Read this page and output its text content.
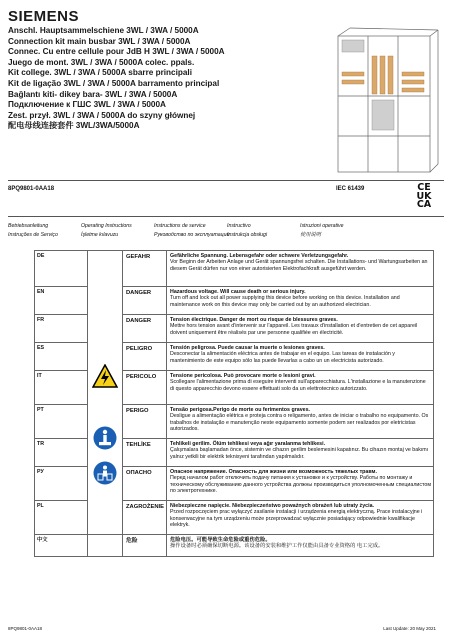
SIEMENS
Anschl. Hauptsammelschiene 3WL / 3WA / 5000A
Connection kit main busbar 3WL / 3WA / 5000A
Connec. Cu entre cellule pour JdB H 3WL / 3WA / 5000A
Juego de mont. 3WL / 3WA / 5000A colec. ppals.
Kit collegе. 3WL / 3WA / 5000A sbarre principali
Kit de ligação 3WL / 3WA / 5000A barramento principal
Bağlantı kiti- dikey bara- 3WL / 3WA / 5000A
Подключение к ГШС 3WL / 3WA / 5000A
Zest. przył. 3WL / 3WA / 5000A do szyny głównej
配电母线连接套件 3WL/3WA/5000A
8PQ9801-0AA18	IEC 61439	CE
UK
CA
Betriebsanleitung	Operating Instructions	Instructions de service	Instructivo	Istruzioni operative
Instruções de Serviço	İşletme kılavuzu	Руководство по эксплуатации
Instrukcja obsługi	使用说明
DE		GEFAHR	Gefährliche Spannung. Lebensgefahr oder schwere Verletzungsgefahr.
Vor Beginn der Arbeiten Anlage und Gerät spannungsfrei schalten. Die Installations- und Wartungsarbeiten an diesem Gerät dürfen nur von einer autorisierten Elektrofachkraft ausgeführt werden.
EN		DANGER	Hazardous voltage. Will cause death or serious injury.
Turn off and lock out all power supplying this device before working on this device. Installation and maintenance work on this device may only be carried out by an authorized electrician.
FR		DANGER	Tension électrique. Danger de mort ou risque de blessures graves.
Mettre hors tension avant d'intervenir sur l'appareil. Les travaux d'installation et d'entretien de cet appareil doivent uniquement être réalisés par une personne qualifiée en électricité.
ES		PELIGRO	Tensión peligrosa. Puede causar la muerte o lesiones graves.
Desconectar la alimentación eléctrica antes de trabajar en el equipo. Las tareas de instalación y mantenimiento de este equipo sólo las puede llevarlas a cabo un un electricista autorizado.
IT		PERICOLO	Tensione pericolosa. Può provocare morte o lesioni gravi.
Scollegare l'alimentazione prima di eseguire interventi sull'apparecchiatura. L'installazione e la manutenzione di questo apparecchio devono essere effettuati solo da un elettrotecnico autorizzato.
PT		PERIGO	Tensão perigosa.Perigo de morte ou ferimentos graves.
Desligue a alimentação elétrica e proteja contra o religamento, antes de iniciar o trabalho no equipamento. Os trabalhos de instalação e manutenção neste equipamento somente podem ser realizados por eletricistas autorizados.
TR		TEHLİKE	Tehlikeli gerilim. Ölüm tehlikesi veya ağır yaralanma tehlikesi.
Çalışmalara başlamadan önce, sistemin ve cihazın gerilim beslemesini kapatınız. Bu cihazın montaj ve bakımı yalnız yetkili bir elektrik teknisyeni tarafından yapılmalıdır.
РУ		ОПАСНО	Опасное напряжение. Опасность для жизни или возможность тяжелых травм.
Перед началом работ отключить подачу питания к установке и к устройству. Работы по монтажу и техническому обслуживанию данного устройства должны производиться уполномоченным специалистом по электротехнике.
PL		ZAGROŻENIE	Niebezpieczne napięcie. Niebezpieczeństwo poważnych obrażeń lub utraty życia.
Przed rozpoczęciem prac wyłączyć zasilanie instalacji i urządzenia energią elektryczną. Prace instalacyjne i konserwacyjne na tym urządzeniu może przeprowadzać wyłącznie posiadający odpowiednie kwalifikacje elektryk.
中文		危险	危险电压。可能导致生命危险或重伤危险。
操作设备时必须确保切断电源。该设备的安装和维护工作仅能由具备专业资格的 电工完成。
8PQ9801-0AA18	Last Update: 20 May 2021
